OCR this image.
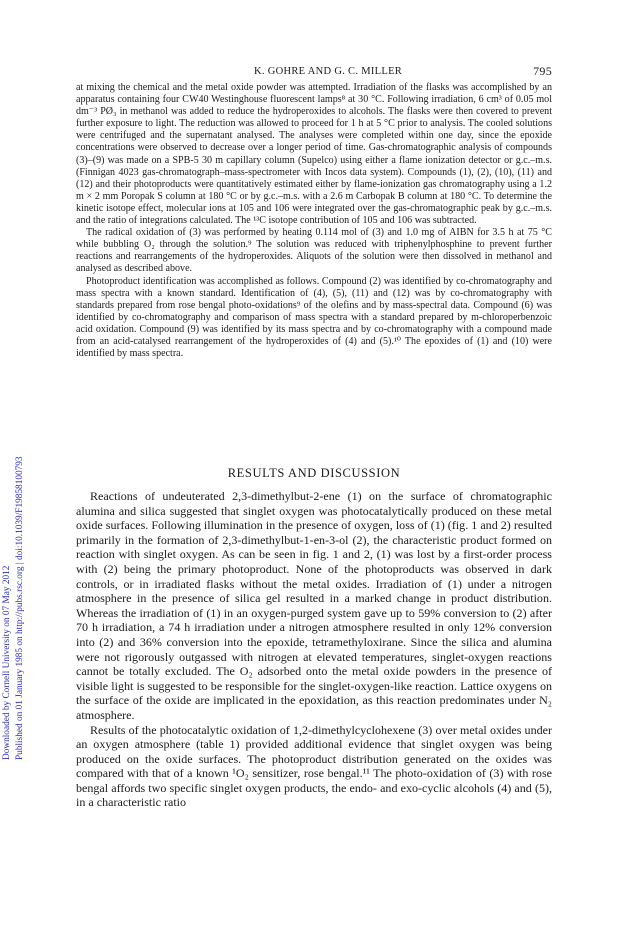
K. GOHRE AND G. C. MILLER	795
Downloaded by Cornell University on 07 May 2012 Published on 01 January 1985 on http://pubs.rsc.org | doi:10.1039/F19858100793

at mixing the chemical and the metal oxide powder was attempted. Irradiation of the flasks was accomplished by an apparatus containing four CW40 Westinghouse fluorescent lamps⁸ at 30 °C. Following irradiation, 6 cm³ of 0.05 mol dm⁻³ PØ₃ in methanol was added to reduce the hydroperoxides to alcohols. The flasks were then covered to prevent further exposure to light. The reduction was allowed to proceed for 1 h at 5 °C prior to analysis. The cooled solutions were centrifuged and the supernatant analysed. The analyses were completed within one day, since the epoxide concentrations were observed to decrease over a longer period of time. Gas-chromatographic analysis of compounds (3)–(9) was made on a SPB-5 30 m capillary column (Supelco) using either a flame ionization detector or g.c.–m.s. (Finnigan 4023 gas-chromatograph–mass-spectrometer with Incos data system). Compounds (1), (2), (10), (11) and (12) and their photoproducts were quantitatively estimated either by flame-ionization gas chromatography using a 1.2 m × 2 mm Poropak S column at 180 °C or by g.c.–m.s. with a 2.6 m Carbopak B column at 180 °C. To determine the kinetic isotope effect, molecular ions at 105 and 106 were integrated over the gas-chromatographic peak by g.c.–m.s. and the ratio of integrations calculated. The ¹³C isotope contribution of 105 and 106 was subtracted.

The radical oxidation of (3) was performed by heating 0.114 mol of (3) and 1.0 mg of AIBN for 3.5 h at 75 °C while bubbling O₂ through the solution.⁹ The solution was reduced with triphenylphosphine to prevent further reactions and rearrangements of the hydroperoxides. Aliquots of the solution were then dissolved in methanol and analysed as described above.

Photoproduct identification was accomplished as follows. Compound (2) was identified by co-chromatography and mass spectra with a known standard. Identification of (4), (5), (11) and (12) was by co-chromatography with standards prepared from rose bengal photo-oxidations⁹ of the olefins and by mass-spectral data. Compound (6) was identified by co-chromatography and comparison of mass spectra with a standard prepared by m-chloroperbenzoic acid oxidation. Compound (9) was identified by its mass spectra and by co-chromatography with a compound made from an acid-catalysed rearrangement of the hydroperoxides of (4) and (5).¹⁰ The epoxides of (1) and (10) were identified by mass spectra.

RESULTS AND DISCUSSION

Reactions of undeuterated 2,3-dimethylbut-2-ene (1) on the surface of chromatographic alumina and silica suggested that singlet oxygen was photocatalytically produced on these metal oxide surfaces. Following illumination in the presence of oxygen, loss of (1) (fig. 1 and 2) resulted primarily in the formation of 2,3-dimethylbut-1-en-3-ol (2), the characteristic product formed on reaction with singlet oxygen. As can be seen in fig. 1 and 2, (1) was lost by a first-order process with (2) being the primary photoproduct. None of the photoproducts was observed in dark controls, or in irradiated flasks without the metal oxides. Irradiation of (1) under a nitrogen atmosphere in the presence of silica gel resulted in a marked change in product distribution. Whereas the irradiation of (1) in an oxygen-purged system gave up to 59% conversion to (2) after 70 h irradiation, a 74 h irradiation under a nitrogen atmosphere resulted in only 12% conversion into (2) and 36% conversion into the epoxide, tetramethyloxirane. Since the silica and alumina were not rigorously outgassed with nitrogen at elevated temperatures, singlet-oxygen reactions cannot be totally excluded. The O₂ adsorbed onto the metal oxide powders in the presence of visible light is suggested to be responsible for the singlet-oxygen-like reaction. Lattice oxygens on the surface of the oxide are implicated in the epoxidation, as this reaction predominates under N₂ atmosphere.

Results of the photocatalytic oxidation of 1,2-dimethylcyclohexene (3) over metal oxides under an oxygen atmosphere (table 1) provided additional evidence that singlet oxygen was being produced on the oxide surfaces. The photoproduct distribution generated on the oxides was compared with that of a known ¹O₂ sensitizer, rose bengal.¹¹ The photo-oxidation of (3) with rose bengal affords two specific singlet oxygen products, the endo- and exo-cyclic alcohols (4) and (5), in a characteristic ratio
